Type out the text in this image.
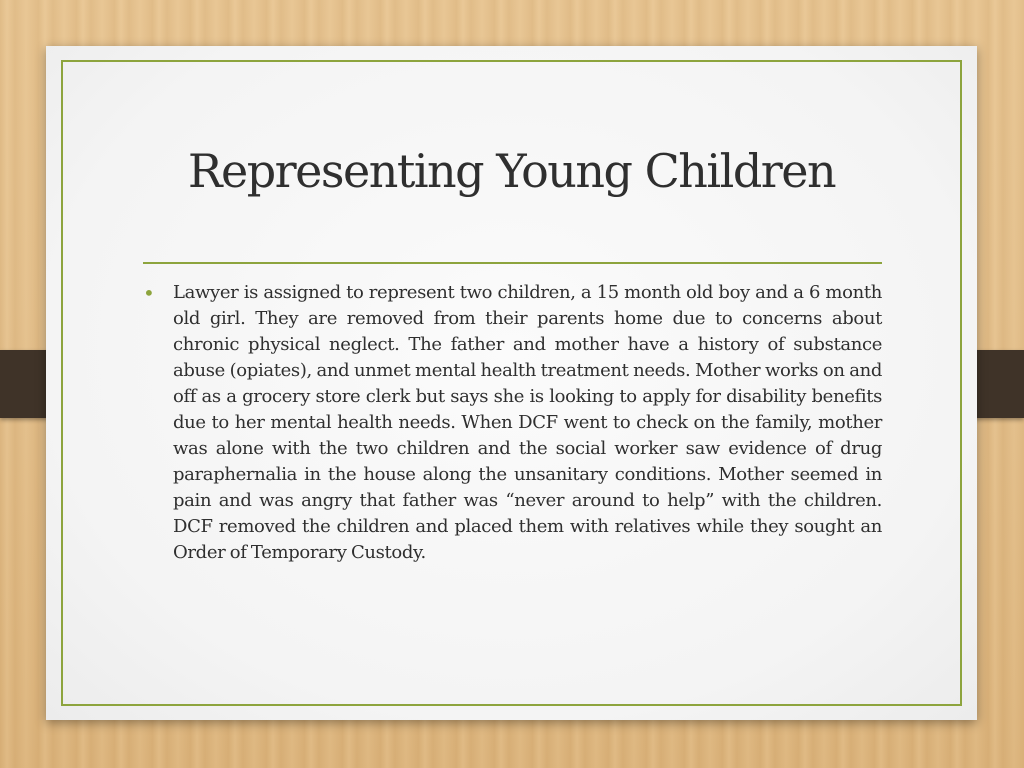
Representing Young Children
• Lawyer is assigned to represent two children, a 15 month old boy and a 6 month old girl. They are removed from their parents home due to concerns about chronic physical neglect. The father and mother have a history of substance abuse (opiates), and unmet mental health treatment needs. Mother works on and off as a grocery store clerk but says she is looking to apply for disability benefits due to her mental health needs. When DCF went to check on the family, mother was alone with the two children and the social worker saw evidence of drug paraphernalia in the house along the unsanitary conditions. Mother seemed in pain and was angry that father was “never around to help” with the children. DCF removed the children and placed them with relatives while they sought an Order of Temporary Custody.
